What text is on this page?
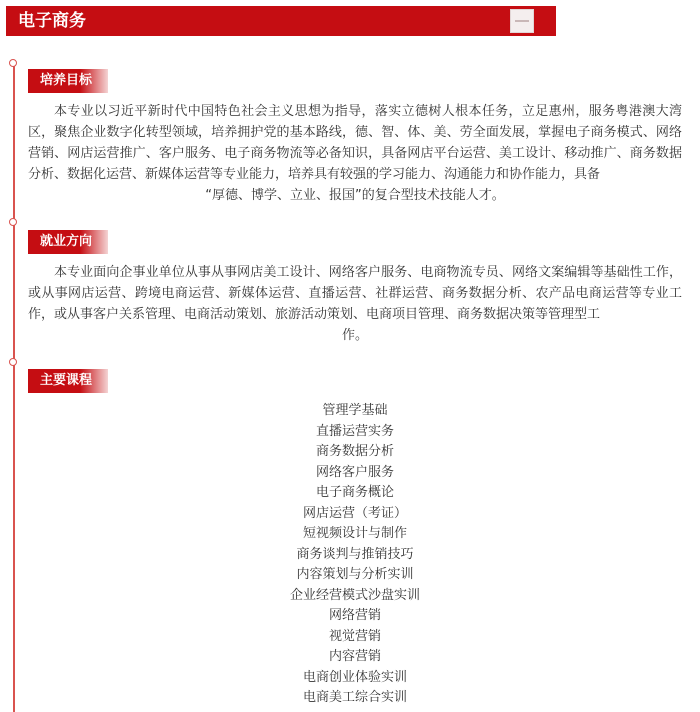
电子商务
培养目标
本专业以习近平新时代中国特色社会主义思想为指导，落实立德树人根本任务，立足惠州，服务粤港澳大湾区，聚焦企业数字化转型领域，培养拥护党的基本路线，德、智、体、美、劳全面发展，掌握电子商务模式、网络营销、网店运营推广、客户服务、电子商务物流等必备知识，具备网店平台运营、美工设计、移动推广、商务数据分析、数据化运营、新媒体运营等专业能力，培养具有较强的学习能力、沟通能力和协作能力，具备
“厚德、博学、立业、报国”的复合型技术技能人才。
就业方向
本专业面向企事业单位从事从事网店美工设计、网络客户服务、电商物流专员、网络文案编辑等基础性工作，或从事网店运营、跨境电商运营、新媒体运营、直播运营、社群运营、商务数据分析、农产品电商运营等专业工作，或从事客户关系管理、电商活动策划、旅游活动策划、电商项目管理、商务数据决策等管理型工
作。
主要课程
管理学基础
直播运营实务
商务数据分析
网络客户服务
电子商务概论
网店运营（考证）
短视频设计与制作
商务谈判与推销技巧
内容策划与分析实训
企业经营模式沙盘实训
网络营销
视觉营销
内容营销
电商创业体验实训
电商美工综合实训
